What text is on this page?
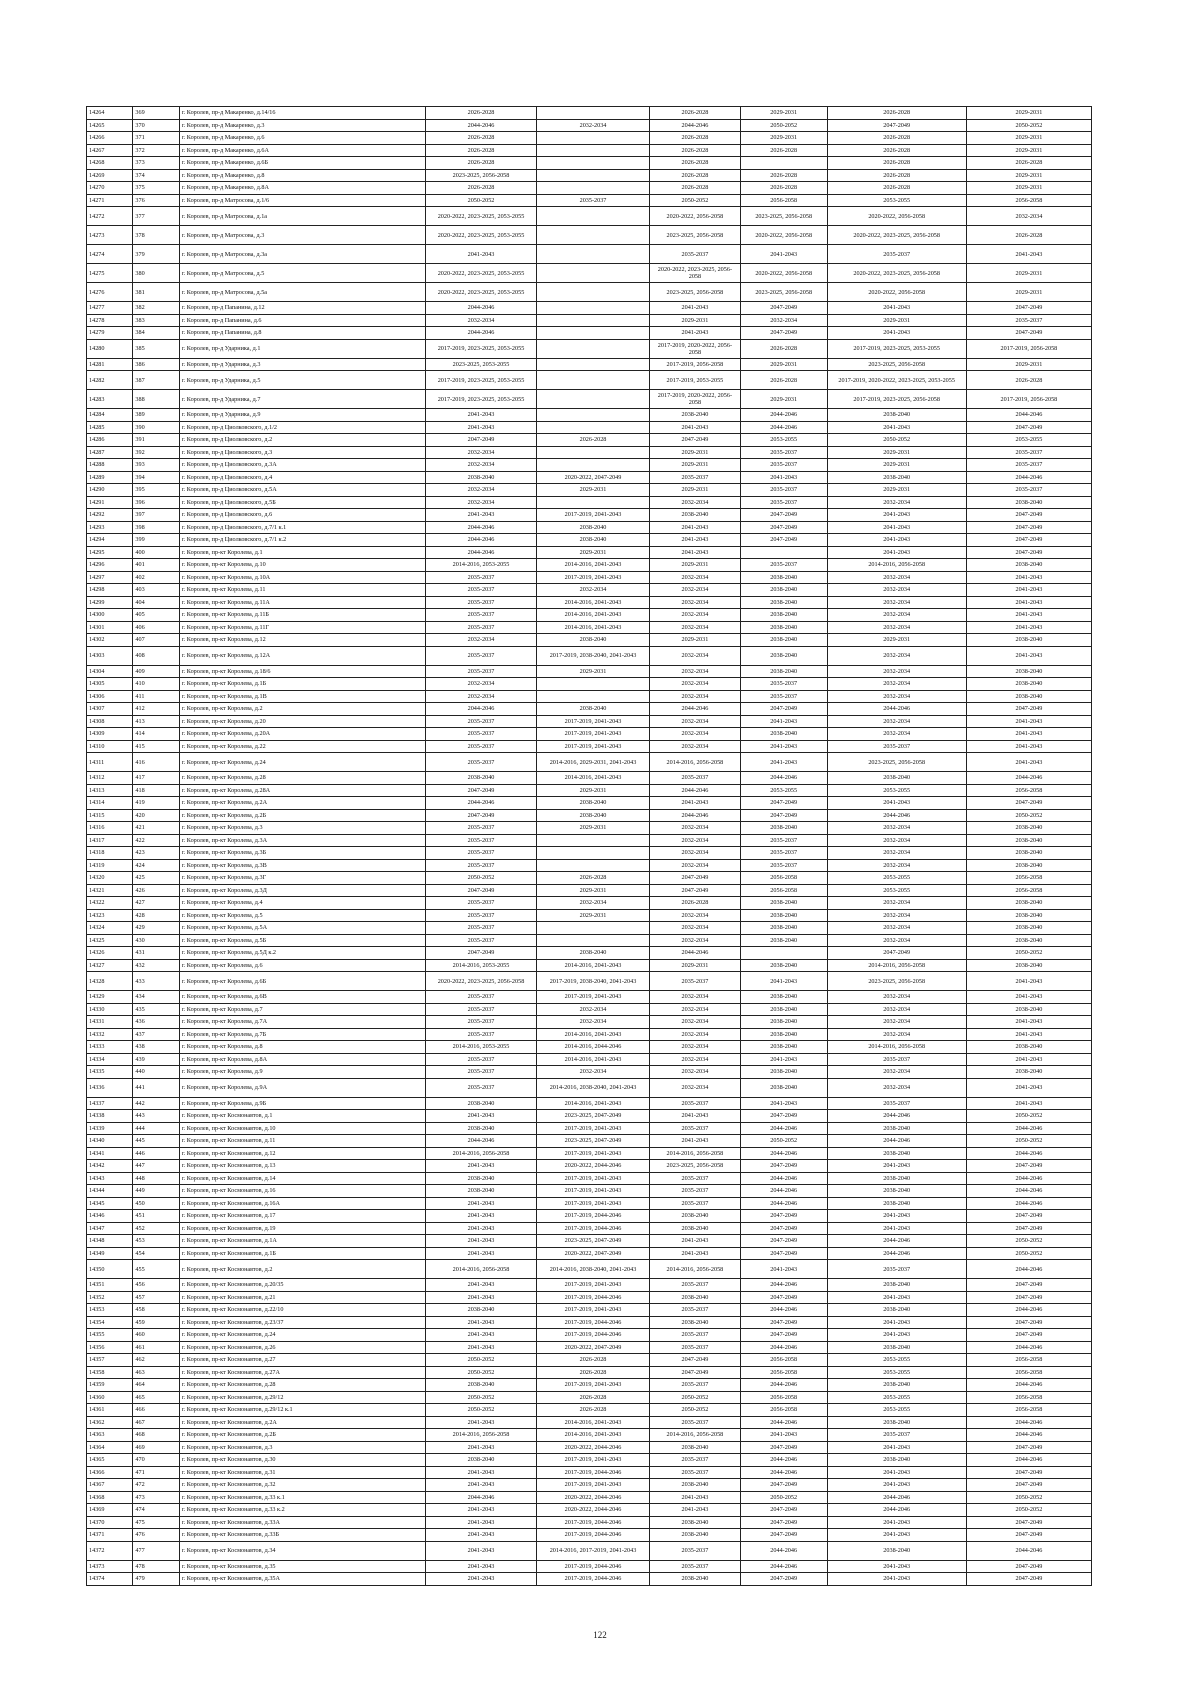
14264	369	г. Королев, пр-д Макаренко, д.14/16	2026-2028		2026-2028	2029-2031	2026-2028	2029-2031
14265	370	г. Королев, пр-д Макаренко, д.3	2044-2046	2032-2034	2044-2046	2050-2052	2047-2049	2050-2052
14266	371	г. Королев, пр-д Макаренко, д.6	2026-2028		2026-2028	2029-2031	2026-2028	2029-2031
14267	372	г. Королев, пр-д Макаренко, д.6А	2026-2028		2026-2028	2026-2028	2026-2028	2029-2031
14268	373	г. Королев, пр-д Макаренко, д.6Б	2026-2028		2026-2028		2026-2028	2026-2028
14269	374	г. Королев, пр-д Макаренко, д.8	2023-2025, 2056-2058		2026-2028	2026-2028	2026-2028	2029-2031
14270	375	г. Королев, пр-д Макаренко, д.8А	2026-2028		2026-2028	2026-2028	2026-2028	2029-2031
14271	376	г. Королев, пр-д Матросова, д.1/6	2050-2052	2035-2037	2050-2052	2056-2058	2053-2055	2056-2058
14272	377	г. Королев, пр-д Матросова, д.1а	2020-2022, 2023-2025, 2053-2055		2020-2022, 2056-2058	2023-2025, 2056-2058	2020-2022, 2056-2058	2032-2034
14273	378	г. Королев, пр-д Матросова, д.3	2020-2022, 2023-2025, 2053-2055		2023-2025, 2056-2058	2020-2022, 2056-2058	2020-2022, 2023-2025, 2056-2058	2026-2028
14274	379	г. Королев, пр-д Матросова, д.3а	2041-2043		2035-2037	2041-2043	2035-2037	2041-2043
14275	380	г. Королев, пр-д Матросова, д.5	2020-2022, 2023-2025, 2053-2055		2020-2022, 2023-2025, 2056-2058	2020-2022, 2056-2058	2020-2022, 2023-2025, 2056-2058	2029-2031
14276	381	г. Королев, пр-д Матросова, д.5а	2020-2022, 2023-2025, 2053-2055		2023-2025, 2056-2058	2023-2025, 2056-2058	2020-2022, 2056-2058	2029-2031
14277	382	г. Королев, пр-д Папанина, д.12	2044-2046		2041-2043	2047-2049	2041-2043	2047-2049
14278	383	г. Королев, пр-д Папанина, д.6	2032-2034		2029-2031	2032-2034	2029-2031	2035-2037
14279	384	г. Королев, пр-д Папанина, д.8	2044-2046		2041-2043	2047-2049	2041-2043	2047-2049
14280	385	г. Королев, пр-д Ударника, д.1	2017-2019, 2023-2025, 2053-2055		2017-2019, 2020-2022, 2056-2058	2026-2028	2017-2019, 2023-2025, 2053-2055	2017-2019, 2056-2058
14281	386	г. Королев, пр-д Ударника, д.3	2023-2025, 2053-2055		2017-2019, 2056-2058	2029-2031	2023-2025, 2056-2058	2029-2031
14282	387	г. Королев, пр-д Ударника, д.5	2017-2019, 2023-2025, 2053-2055		2017-2019, 2053-2055	2026-2028	2017-2019, 2020-2022, 2023-2025, 2053-2055	2026-2028
14283	388	г. Королев, пр-д Ударника, д.7	2017-2019, 2023-2025, 2053-2055		2017-2019, 2020-2022, 2056-2058	2029-2031	2017-2019, 2023-2025, 2056-2058	2017-2019, 2056-2058
14284	389	г. Королев, пр-д Ударника, д.9	2041-2043		2038-2040	2044-2046	2038-2040	2044-2046
14285	390	г. Королев, пр-д Циолковского, д.1/2	2041-2043		2041-2043	2044-2046	2041-2043	2047-2049
14286	391	г. Королев, пр-д Циолковского, д.2	2047-2049	2026-2028	2047-2049	2053-2055	2050-2052	2053-2055
14287	392	г. Королев, пр-д Циолковского, д.3	2032-2034		2029-2031	2035-2037	2029-2031	2035-2037
14288	393	г. Королев, пр-д Циолковского, д.3А	2032-2034		2029-2031	2035-2037	2029-2031	2035-2037
14289	394	г. Королев, пр-д Циолковского, д.4	2038-2040	2020-2022, 2047-2049	2035-2037	2041-2043	2038-2040	2044-2046
14290	395	г. Королев, пр-д Циолковского, д.5А	2032-2034	2029-2031	2029-2031	2035-2037	2029-2031	2035-2037
14291	396	г. Королев, пр-д Циолковского, д.5Б	2032-2034		2032-2034	2035-2037	2032-2034	2038-2040
14292	397	г. Королев, пр-д Циолковского, д.6	2041-2043	2017-2019, 2041-2043	2038-2040	2047-2049	2041-2043	2047-2049
14293	398	г. Королев, пр-д Циолковского, д.7/1 к.1	2044-2046	2038-2040	2041-2043	2047-2049	2041-2043	2047-2049
14294	399	г. Королев, пр-д Циолковского, д.7/1 к.2	2044-2046	2038-2040	2041-2043	2047-2049	2041-2043	2047-2049
14295	400	г. Королев, пр-кт Королева, д.1	2044-2046	2029-2031	2041-2043		2041-2043	2047-2049
14296	401	г. Королев, пр-кт Королева, д.10	2014-2016, 2053-2055	2014-2016, 2041-2043	2029-2031	2035-2037	2014-2016, 2056-2058	2038-2040
14297	402	г. Королев, пр-кт Королева, д.10А	2035-2037	2017-2019, 2041-2043	2032-2034	2038-2040	2032-2034	2041-2043
14298	403	г. Королев, пр-кт Королева, д.11	2035-2037	2032-2034	2032-2034	2038-2040	2032-2034	2041-2043
14299	404	г. Королев, пр-кт Королева, д.11А	2035-2037	2014-2016, 2041-2043	2032-2034	2038-2040	2032-2034	2041-2043
14300	405	г. Королев, пр-кт Королева, д.11Б	2035-2037	2014-2016, 2041-2043	2032-2034	2038-2040	2032-2034	2041-2043
14301	406	г. Королев, пр-кт Королева, д.11Г	2035-2037	2014-2016, 2041-2043	2032-2034	2038-2040	2032-2034	2041-2043
14302	407	г. Королев, пр-кт Королева, д.12	2032-2034	2038-2040	2029-2031	2038-2040	2029-2031	2038-2040
14303	408	г. Королев, пр-кт Королева, д.12А	2035-2037	2017-2019, 2038-2040, 2041-2043	2032-2034	2038-2040	2032-2034	2041-2043
14304	409	г. Королев, пр-кт Королева, д.18/6	2035-2037	2029-2031	2032-2034	2038-2040	2032-2034	2038-2040
14305	410	г. Королев, пр-кт Королева, д.1Б	2032-2034		2032-2034	2035-2037	2032-2034	2038-2040
14306	411	г. Королев, пр-кт Королева, д.1В	2032-2034		2032-2034	2035-2037	2032-2034	2038-2040
14307	412	г. Королев, пр-кт Королева, д.2	2044-2046	2038-2040	2044-2046	2047-2049	2044-2046	2047-2049
14308	413	г. Королев, пр-кт Королева, д.20	2035-2037	2017-2019, 2041-2043	2032-2034	2041-2043	2032-2034	2041-2043
14309	414	г. Королев, пр-кт Королева, д.20А	2035-2037	2017-2019, 2041-2043	2032-2034	2038-2040	2032-2034	2041-2043
14310	415	г. Королев, пр-кт Королева, д.22	2035-2037	2017-2019, 2041-2043	2032-2034	2041-2043	2035-2037	2041-2043
14311	416	г. Королев, пр-кт Королева, д.24	2035-2037	2014-2016, 2029-2031, 2041-2043	2014-2016, 2056-2058	2041-2043	2023-2025, 2056-2058	2041-2043
14312	417	г. Королев, пр-кт Королева, д.28	2038-2040	2014-2016, 2041-2043	2035-2037	2044-2046	2038-2040	2044-2046
14313	418	г. Королев, пр-кт Королева, д.28А	2047-2049	2029-2031	2044-2046	2053-2055	2053-2055	2056-2058
14314	419	г. Королев, пр-кт Королева, д.2А	2044-2046	2038-2040	2041-2043	2047-2049	2041-2043	2047-2049
14315	420	г. Королев, пр-кт Королева, д.2Б	2047-2049	2038-2040	2044-2046	2047-2049	2044-2046	2050-2052
14316	421	г. Королев, пр-кт Королева, д.3	2035-2037	2029-2031	2032-2034	2038-2040	2032-2034	2038-2040
14317	422	г. Королев, пр-кт Королева, д.3А	2035-2037		2032-2034	2035-2037	2032-2034	2038-2040
14318	423	г. Королев, пр-кт Королева, д.3Б	2035-2037		2032-2034	2035-2037	2032-2034	2038-2040
14319	424	г. Королев, пр-кт Королева, д.3В	2035-2037		2032-2034	2035-2037	2032-2034	2038-2040
14320	425	г. Королев, пр-кт Королева, д.3Г	2050-2052	2026-2028	2047-2049	2056-2058	2053-2055	2056-2058
14321	426	г. Королев, пр-кт Королева, д.3Д	2047-2049	2029-2031	2047-2049	2056-2058	2053-2055	2056-2058
14322	427	г. Королев, пр-кт Королева, д.4	2035-2037	2032-2034	2026-2028	2038-2040	2032-2034	2038-2040
14323	428	г. Королев, пр-кт Королева, д.5	2035-2037	2029-2031	2032-2034	2038-2040	2032-2034	2038-2040
14324	429	г. Королев, пр-кт Королева, д.5А	2035-2037		2032-2034	2038-2040	2032-2034	2038-2040
14325	430	г. Королев, пр-кт Королева, д.5Б	2035-2037		2032-2034	2038-2040	2032-2034	2038-2040
14326	431	г. Королев, пр-кт Королева, д.5Д к.2	2047-2049	2038-2040	2044-2046		2047-2049	2050-2052
14327	432	г. Королев, пр-кт Королева, д.6	2014-2016, 2053-2055	2014-2016, 2041-2043	2029-2031	2038-2040	2014-2016, 2056-2058	2038-2040
14328	433	г. Королев, пр-кт Королева, д.6Б	2020-2022, 2023-2025, 2056-2058	2017-2019, 2038-2040, 2041-2043	2035-2037	2041-2043	2023-2025, 2056-2058	2041-2043
14329	434	г. Королев, пр-кт Королева, д.6В	2035-2037	2017-2019, 2041-2043	2032-2034	2038-2040	2032-2034	2041-2043
14330	435	г. Королев, пр-кт Королева, д.7	2035-2037	2032-2034	2032-2034	2038-2040	2032-2034	2038-2040
14331	436	г. Королев, пр-кт Королева, д.7А	2035-2037	2032-2034	2032-2034	2038-2040	2032-2034	2041-2043
14332	437	г. Королев, пр-кт Королева, д.7Б	2035-2037	2014-2016, 2041-2043	2032-2034	2038-2040	2032-2034	2041-2043
14333	438	г. Королев, пр-кт Королева, д.8	2014-2016, 2053-2055	2014-2016, 2044-2046	2032-2034	2038-2040	2014-2016, 2056-2058	2038-2040
14334	439	г. Королев, пр-кт Королева, д.8А	2035-2037	2014-2016, 2041-2043	2032-2034	2041-2043	2035-2037	2041-2043
14335	440	г. Королев, пр-кт Королева, д.9	2035-2037	2032-2034	2032-2034	2038-2040	2032-2034	2038-2040
14336	441	г. Королев, пр-кт Королева, д.9А	2035-2037	2014-2016, 2038-2040, 2041-2043	2032-2034	2038-2040	2032-2034	2041-2043
14337	442	г. Королев, пр-кт Королева, д.9Б	2038-2040	2014-2016, 2041-2043	2035-2037	2041-2043	2035-2037	2041-2043
14338	443	г. Королев, пр-кт Космонавтов, д.1	2041-2043	2023-2025, 2047-2049	2041-2043	2047-2049	2044-2046	2050-2052
14339	444	г. Королев, пр-кт Космонавтов, д.10	2038-2040	2017-2019, 2041-2043	2035-2037	2044-2046	2038-2040	2044-2046
14340	445	г. Королев, пр-кт Космонавтов, д.11	2044-2046	2023-2025, 2047-2049	2041-2043	2050-2052	2044-2046	2050-2052
14341	446	г. Королев, пр-кт Космонавтов, д.12	2014-2016, 2056-2058	2017-2019, 2041-2043	2014-2016, 2056-2058	2044-2046	2038-2040	2044-2046
14342	447	г. Королев, пр-кт Космонавтов, д.13	2041-2043	2020-2022, 2044-2046	2023-2025, 2056-2058	2047-2049	2041-2043	2047-2049
14343	448	г. Королев, пр-кт Космонавтов, д.14	2038-2040	2017-2019, 2041-2043	2035-2037	2044-2046	2038-2040	2044-2046
14344	449	г. Королев, пр-кт Космонавтов, д.16	2038-2040	2017-2019, 2041-2043	2035-2037	2044-2046	2038-2040	2044-2046
14345	450	г. Королев, пр-кт Космонавтов, д.16А	2041-2043	2017-2019, 2041-2043	2035-2037	2044-2046	2038-2040	2044-2046
14346	451	г. Королев, пр-кт Космонавтов, д.17	2041-2043	2017-2019, 2044-2046	2038-2040	2047-2049	2041-2043	2047-2049
14347	452	г. Королев, пр-кт Космонавтов, д.19	2041-2043	2017-2019, 2044-2046	2038-2040	2047-2049	2041-2043	2047-2049
14348	453	г. Королев, пр-кт Космонавтов, д.1А	2041-2043	2023-2025, 2047-2049	2041-2043	2047-2049	2044-2046	2050-2052
14349	454	г. Королев, пр-кт Космонавтов, д.1Б	2041-2043	2020-2022, 2047-2049	2041-2043	2047-2049	2044-2046	2050-2052
14350	455	г. Королев, пр-кт Космонавтов, д.2	2014-2016, 2056-2058	2014-2016, 2038-2040, 2041-2043	2014-2016, 2056-2058	2041-2043	2035-2037	2044-2046
14351	456	г. Королев, пр-кт Космонавтов, д.20/35	2041-2043	2017-2019, 2041-2043	2035-2037	2044-2046	2038-2040	2047-2049
14352	457	г. Королев, пр-кт Космонавтов, д.21	2041-2043	2017-2019, 2044-2046	2038-2040	2047-2049	2041-2043	2047-2049
14353	458	г. Королев, пр-кт Космонавтов, д.22/10	2038-2040	2017-2019, 2041-2043	2035-2037	2044-2046	2038-2040	2044-2046
14354	459	г. Королев, пр-кт Космонавтов, д.23/37	2041-2043	2017-2019, 2044-2046	2038-2040	2047-2049	2041-2043	2047-2049
14355	460	г. Королев, пр-кт Космонавтов, д.24	2041-2043	2017-2019, 2044-2046	2035-2037	2047-2049	2041-2043	2047-2049
14356	461	г. Королев, пр-кт Космонавтов, д.26	2041-2043	2020-2022, 2047-2049	2035-2037	2044-2046	2038-2040	2044-2046
14357	462	г. Королев, пр-кт Космонавтов, д.27	2050-2052	2026-2028	2047-2049	2056-2058	2053-2055	2056-2058
14358	463	г. Королев, пр-кт Космонавтов, д.27А	2050-2052	2026-2028	2047-2049	2056-2058	2053-2055	2056-2058
14359	464	г. Королев, пр-кт Космонавтов, д.28	2038-2040	2017-2019, 2041-2043	2035-2037	2044-2046	2038-2040	2044-2046
14360	465	г. Королев, пр-кт Космонавтов, д.29/12	2050-2052	2026-2028	2050-2052	2056-2058	2053-2055	2056-2058
14361	466	г. Королев, пр-кт Космонавтов, д.29/12 к.1	2050-2052	2026-2028	2050-2052	2056-2058	2053-2055	2056-2058
14362	467	г. Королев, пр-кт Космонавтов, д.2А	2041-2043	2014-2016, 2041-2043	2035-2037	2044-2046	2038-2040	2044-2046
14363	468	г. Королев, пр-кт Космонавтов, д.2Б	2014-2016, 2056-2058	2014-2016, 2041-2043	2014-2016, 2056-2058	2041-2043	2035-2037	2044-2046
14364	469	г. Королев, пр-кт Космонавтов, д.3	2041-2043	2020-2022, 2044-2046	2038-2040	2047-2049	2041-2043	2047-2049
14365	470	г. Королев, пр-кт Космонавтов, д.30	2038-2040	2017-2019, 2041-2043	2035-2037	2044-2046	2038-2040	2044-2046
14366	471	г. Королев, пр-кт Космонавтов, д.31	2041-2043	2017-2019, 2044-2046	2035-2037	2044-2046	2041-2043	2047-2049
14367	472	г. Королев, пр-кт Космонавтов, д.32	2041-2043	2017-2019, 2041-2043	2038-2040	2047-2049	2041-2043	2047-2049
14368	473	г. Королев, пр-кт Космонавтов, д.33 к.1	2044-2046	2020-2022, 2044-2046	2041-2043	2050-2052	2044-2046	2050-2052
14369	474	г. Королев, пр-кт Космонавтов, д.33 к.2	2041-2043	2020-2022, 2044-2046	2041-2043	2047-2049	2044-2046	2050-2052
14370	475	г. Королев, пр-кт Космонавтов, д.33А	2041-2043	2017-2019, 2044-2046	2038-2040	2047-2049	2041-2043	2047-2049
14371	476	г. Королев, пр-кт Космонавтов, д.33Б	2041-2043	2017-2019, 2044-2046	2038-2040	2047-2049	2041-2043	2047-2049
14372	477	г. Королев, пр-кт Космонавтов, д.34	2041-2043	2014-2016, 2017-2019, 2041-2043	2035-2037	2044-2046	2038-2040	2044-2046
14373	478	г. Королев, пр-кт Космонавтов, д.35	2041-2043	2017-2019, 2044-2046	2035-2037	2044-2046	2041-2043	2047-2049
14374	479	г. Королев, пр-кт Космонавтов, д.35А	2041-2043	2017-2019, 2044-2046	2038-2040	2047-2049	2041-2043	2047-2049
122
